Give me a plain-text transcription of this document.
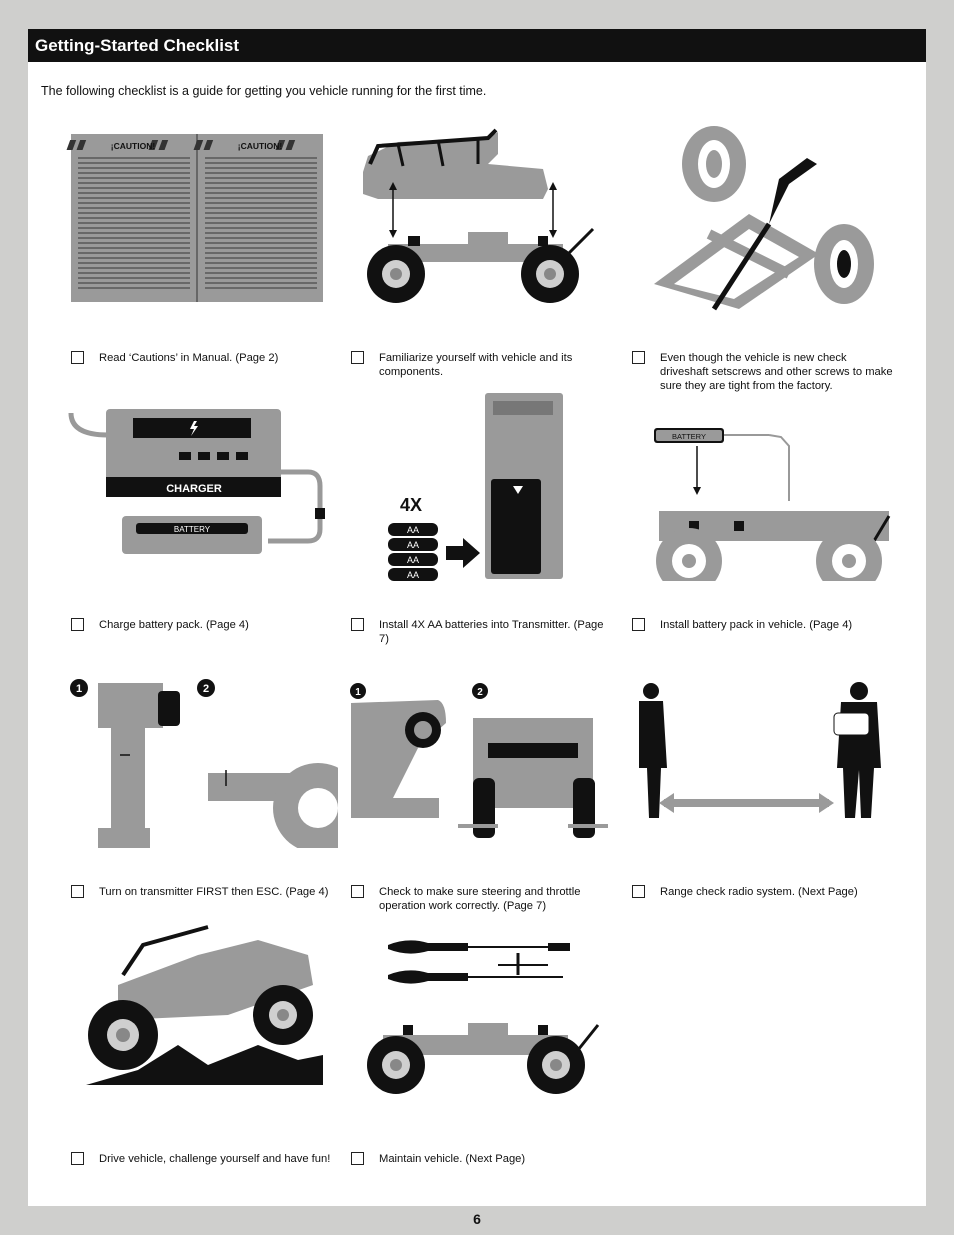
Getting-Started Checklist
The following checklist is a guide for getting you vehicle running for the first time.
¡CAUTION!	¡CAUTION!
Read ‘Cautions’ in Manual. (Page 2)	Familiarize yourself with vehicle and its components.
Even though the vehicle is new check driveshaft setscrews and other screws to make sure they are tight from the factory.
CHARGER
BATTERY
Charge battery pack. (Page 4)
4X
AA
AA
AA
AA
Install 4X AA batteries into Transmitter. (Page 7)
BATTERY
Install battery pack in vehicle. (Page 4)
1	2
Turn on transmitter FIRST then ESC. (Page 4)
1	2
Check to make sure steering and throttle operation work correctly. (Page 7)
Range check radio system. (Next Page)
Drive vehicle, challenge yourself and have fun!	Maintain vehicle. (Next Page)
6
